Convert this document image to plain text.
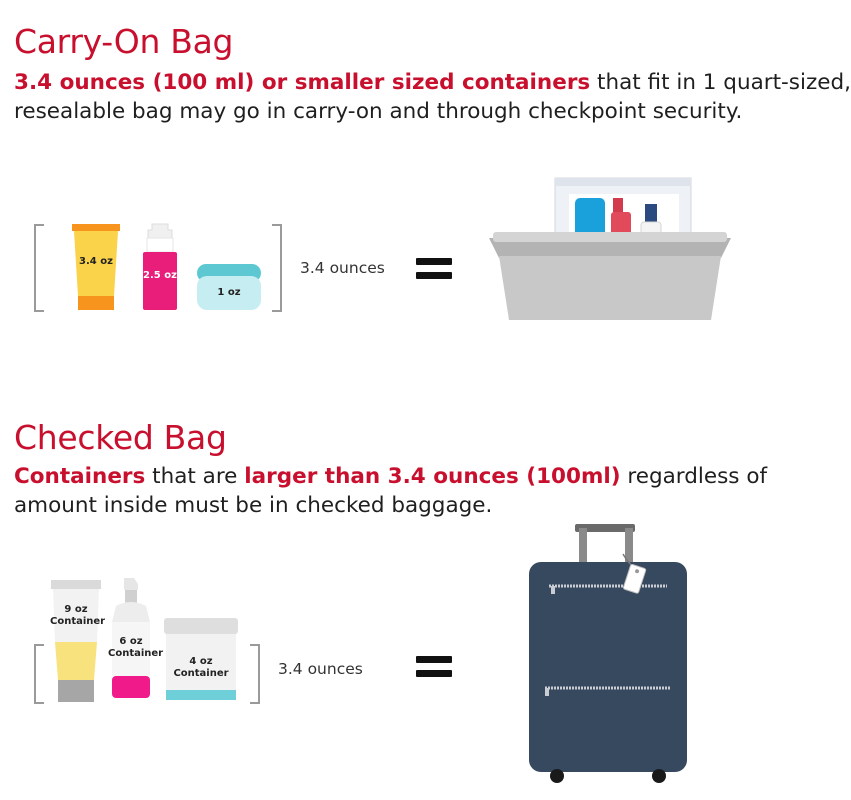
Carry-On Bag

3.4 ounces (100 ml) or smaller sized containers that fit in 1 quart-sized,
resealable bag may go in carry-on and through checkpoint security.

3.4 oz
2.5 oz
1 oz
3.4 ounces
Checked Bag

Containers that are larger than 3.4 ounces (100ml) regardless of
amount inside must be in checked baggage.

9 oz
Container
6 oz
Container
4 oz
Container	3.4 ounces
